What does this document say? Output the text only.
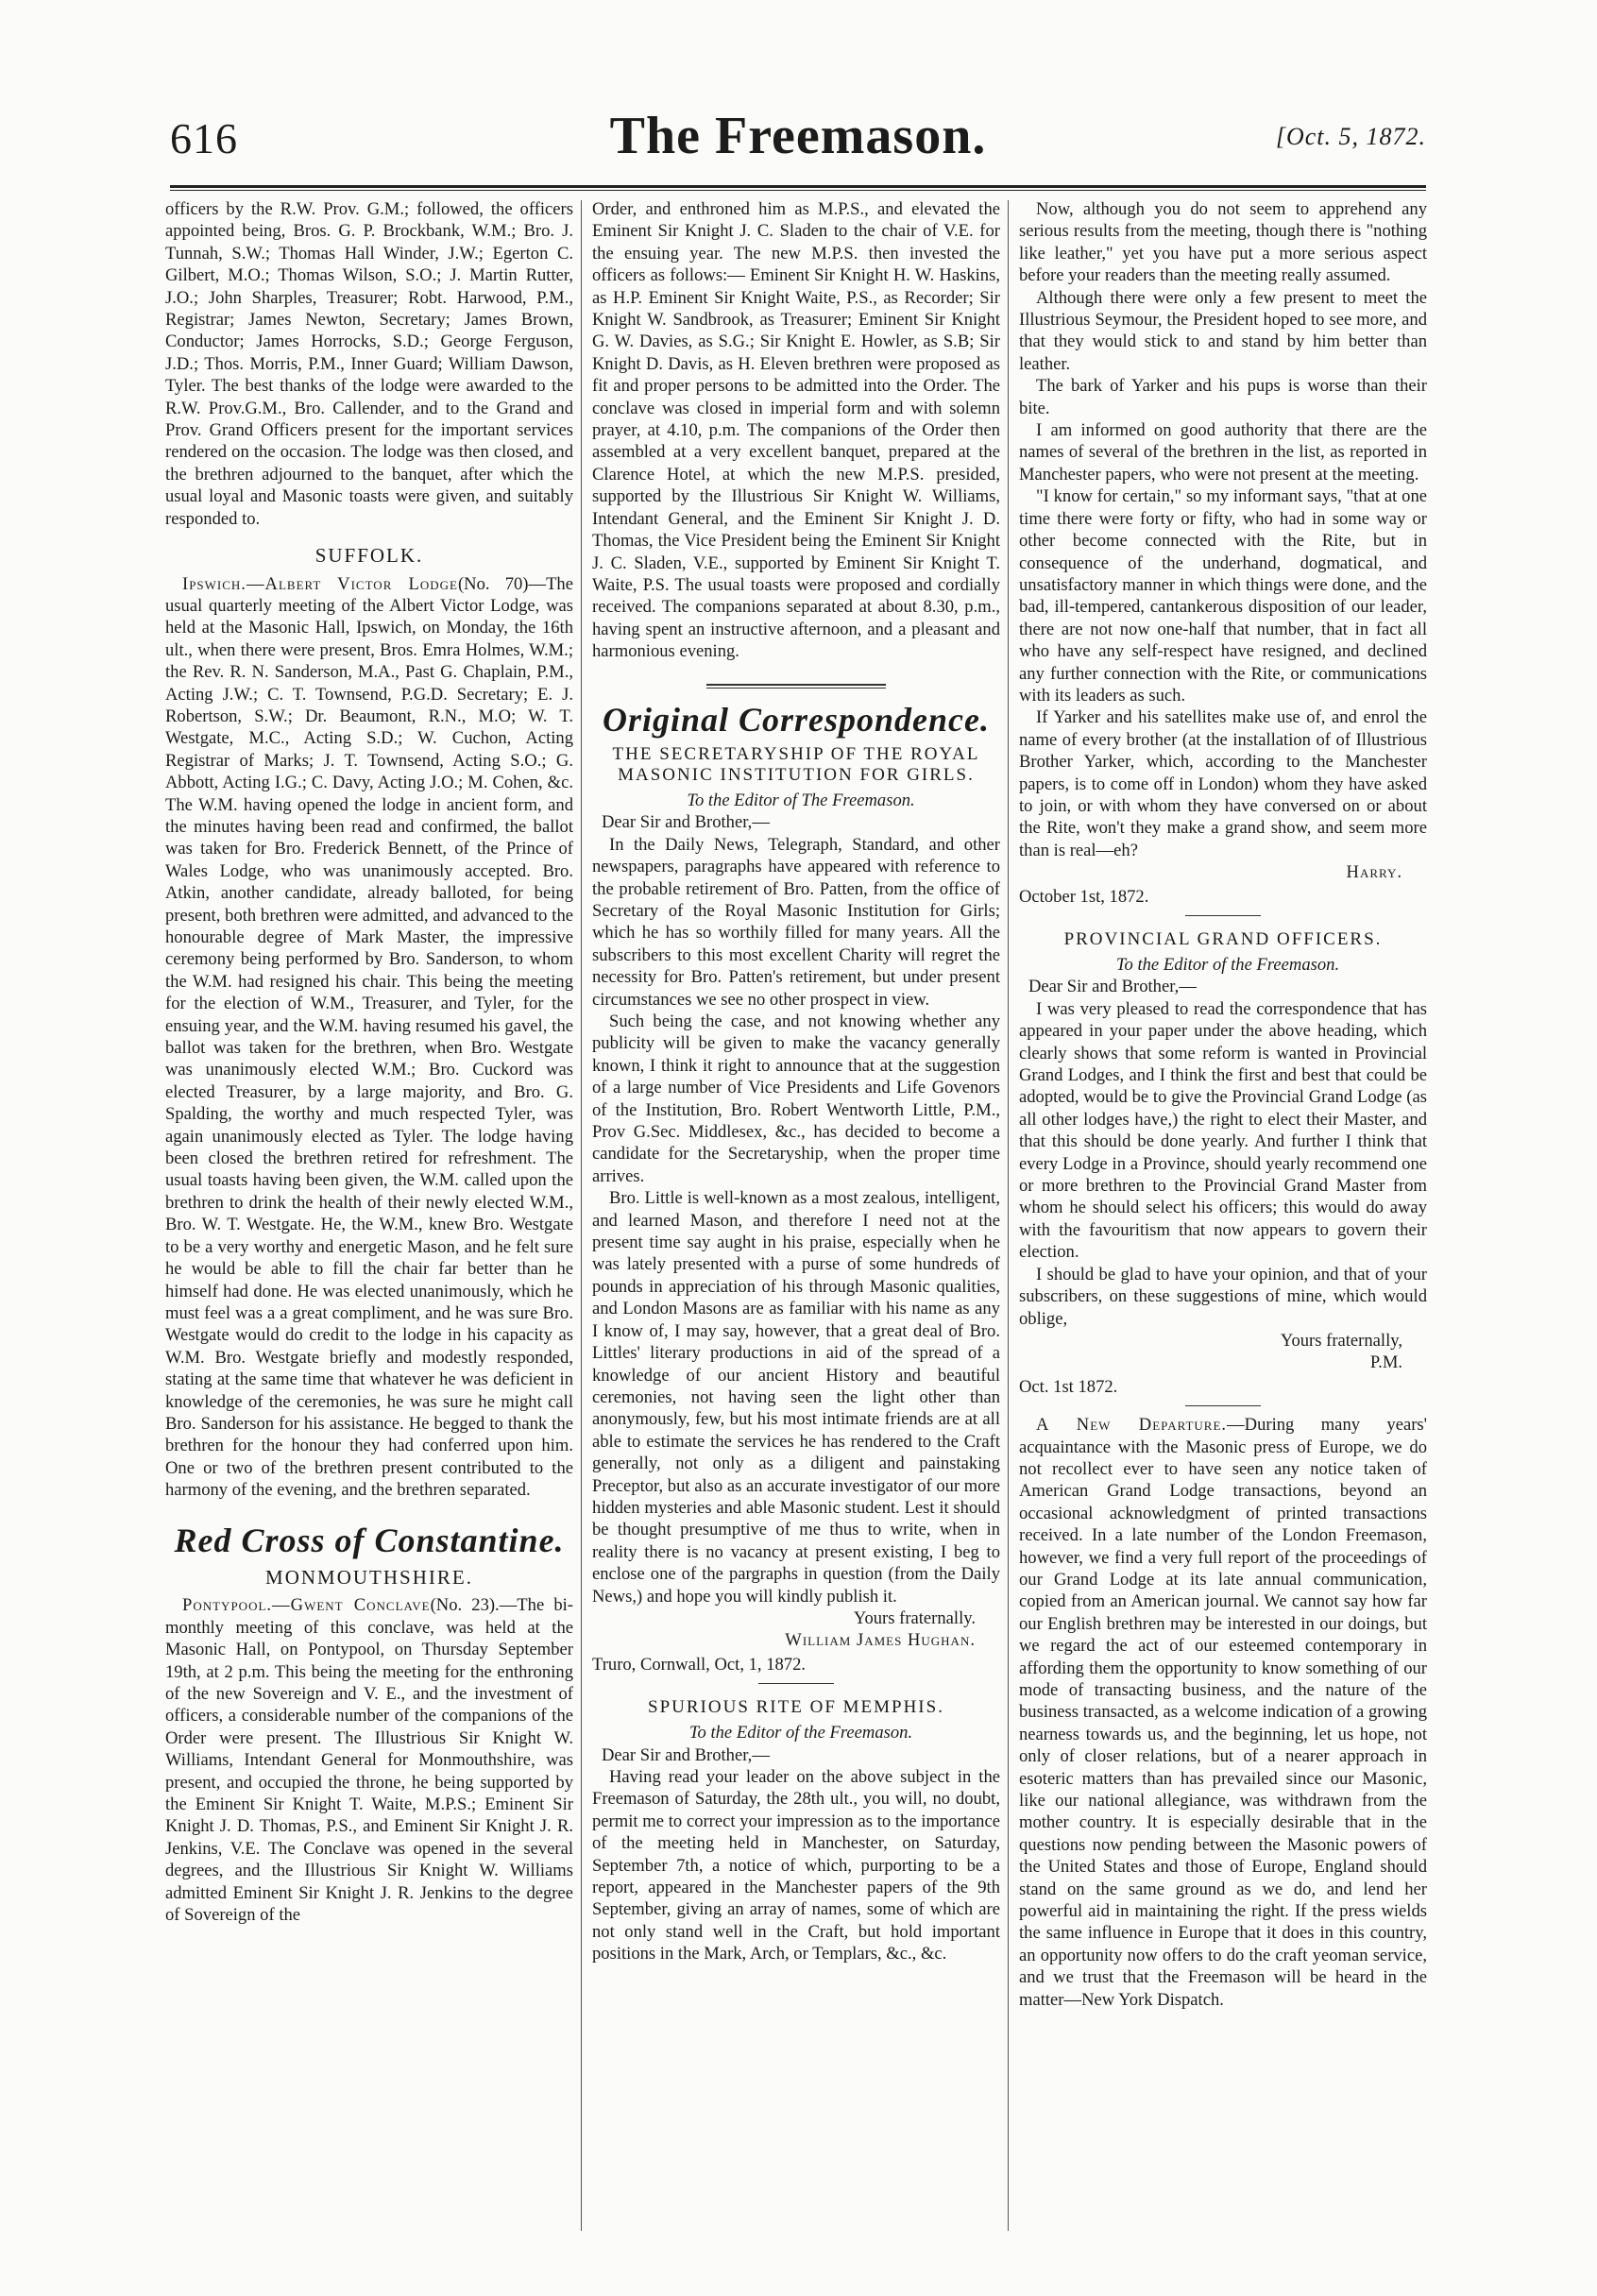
616	The Freemason.	[Oct. 5, 1872.

officers by the R.W. Prov. G.M.; followed, the officers appointed being, Bros. G. P. Brockbank, W.M.; Bro. J. Tunnah, S.W.; Thomas Hall Winder, J.W.; Egerton C. Gilbert, M.O.; Thomas Wilson, S.O.; J. Martin Rutter, J.O.; John Sharples, Treasurer; Robt. Harwood, P.M., Registrar; James Newton, Secretary; James Brown, Conductor; James Horrocks, S.D.; George Ferguson, J.D.; Thos. Morris, P.M., Inner Guard; William Dawson, Tyler. The best thanks of the lodge were awarded to the R.W. Prov.G.M., Bro. Callender, and to the Grand and Prov. Grand Officers present for the important services rendered on the occasion. The lodge was then closed, and the brethren adjourned to the banquet, after which the usual loyal and Masonic toasts were given, and suitably responded to.

SUFFOLK.

Ipswich.—Albert Victor Lodge(No. 70)—The usual quarterly meeting of the Albert Victor Lodge, was held at the Masonic Hall, Ipswich, on Monday, the 16th ult., when there were present, Bros. Emra Holmes, W.M.; the Rev. R. N. Sanderson, M.A., Past G. Chaplain, P.M., Acting J.W.; C. T. Townsend, P.G.D. Secretary; E. J. Robertson, S.W.; Dr. Beaumont, R.N., M.O; W. T. Westgate, M.C., Acting S.D.; W. Cuchon, Acting Registrar of Marks; J. T. Townsend, Acting S.O.; G. Abbott, Acting I.G.; C. Davy, Acting J.O.; M. Cohen, &c. The W.M. having opened the lodge in ancient form, and the minutes having been read and confirmed, the ballot was taken for Bro. Frederick Bennett, of the Prince of Wales Lodge, who was unanimously accepted. Bro. Atkin, another candidate, already balloted, for being present, both brethren were admitted, and advanced to the honourable degree of Mark Master, the impressive ceremony being performed by Bro. Sanderson, to whom the W.M. had resigned his chair. This being the meeting for the election of W.M., Treasurer, and Tyler, for the ensuing year, and the W.M. having resumed his gavel, the ballot was taken for the brethren, when Bro. Westgate was unanimously elected W.M.; Bro. Cuckord was elected Treasurer, by a large majority, and Bro. G. Spalding, the worthy and much respected Tyler, was again unanimously elected as Tyler. The lodge having been closed the brethren retired for refreshment. The usual toasts having been given, the W.M. called upon the brethren to drink the health of their newly elected W.M., Bro. W. T. Westgate. He, the W.M., knew Bro. Westgate to be a very worthy and energetic Mason, and he felt sure he would be able to fill the chair far better than he himself had done. He was elected unanimously, which he must feel was a a great compliment, and he was sure Bro. Westgate would do credit to the lodge in his capacity as W.M. Bro. Westgate briefly and modestly responded, stating at the same time that whatever he was deficient in knowledge of the ceremonies, he was sure he might call Bro. Sanderson for his assistance. He begged to thank the brethren for the honour they had conferred upon him. One or two of the brethren present contributed to the harmony of the evening, and the brethren separated.

Red Cross of Constantine.
MONMOUTHSHIRE.

Pontypool.—Gwent Conclave(No. 23).—The bi-monthly meeting of this conclave, was held at the Masonic Hall, on Pontypool, on Thursday September 19th, at 2 p.m. This being the meeting for the enthroning of the new Sovereign and V. E., and the investment of officers, a considerable number of the companions of the Order were present. The Illustrious Sir Knight W. Williams, Intendant General for Monmouthshire, was present, and occupied the throne, he being supported by the Eminent Sir Knight T. Waite, M.P.S.; Eminent Sir Knight J. D. Thomas, P.S., and Eminent Sir Knight J. R. Jenkins, V.E. The Conclave was opened in the several degrees, and the Illustrious Sir Knight W. Williams admitted Eminent Sir Knight J. R. Jenkins to the degree of Sovereign of the

Order, and enthroned him as M.P.S., and elevated the Eminent Sir Knight J. C. Sladen to the chair of V.E. for the ensuing year. The new M.P.S. then invested the officers as follows:— Eminent Sir Knight H. W. Haskins, as H.P. Eminent Sir Knight Waite, P.S., as Recorder; Sir Knight W. Sandbrook, as Treasurer; Eminent Sir Knight G. W. Davies, as S.G.; Sir Knight E. Howler, as S.B; Sir Knight D. Davis, as H. Eleven brethren were proposed as fit and proper persons to be admitted into the Order. The conclave was closed in imperial form and with solemn prayer, at 4.10, p.m. The companions of the Order then assembled at a very excellent banquet, prepared at the Clarence Hotel, at which the new M.P.S. presided, supported by the Illustrious Sir Knight W. Williams, Intendant General, and the Eminent Sir Knight J. D. Thomas, the Vice President being the Eminent Sir Knight J. C. Sladen, V.E., supported by Eminent Sir Knight T. Waite, P.S. The usual toasts were proposed and cordially received. The companions separated at about 8.30, p.m., having spent an instructive afternoon, and a pleasant and harmonious evening.

Original Correspondence.
THE SECRETARYSHIP OF THE ROYAL MASONIC INSTITUTION FOR GIRLS.

To the Editor of The Freemason.

Dear Sir and Brother,—

In the Daily News, Telegraph, Standard, and other newspapers, paragraphs have appeared with reference to the probable retirement of Bro. Patten, from the office of Secretary of the Royal Masonic Institution for Girls; which he has so worthily filled for many years. All the subscribers to this most excellent Charity will regret the necessity for Bro. Patten's retirement, but under present circumstances we see no other prospect in view.

Such being the case, and not knowing whether any publicity will be given to make the vacancy generally known, I think it right to announce that at the suggestion of a large number of Vice Presidents and Life Govenors of the Institution, Bro. Robert Wentworth Little, P.M., Prov G.Sec. Middlesex, &c., has decided to become a candidate for the Secretaryship, when the proper time arrives.

Bro. Little is well-known as a most zealous, intelligent, and learned Mason, and therefore I need not at the present time say aught in his praise, especially when he was lately presented with a purse of some hundreds of pounds in appreciation of his through Masonic qualities, and London Masons are as familiar with his name as any I know of, I may say, however, that a great deal of Bro. Littles' literary productions in aid of the spread of a knowledge of our ancient History and beautiful ceremonies, not having seen the light other than anonymously, few, but his most intimate friends are at all able to estimate the services he has rendered to the Craft generally, not only as a diligent and painstaking Preceptor, but also as an accurate investigator of our more hidden mysteries and able Masonic student. Lest it should be thought presumptive of me thus to write, when in reality there is no vacancy at present existing, I beg to enclose one of the pargraphs in question (from the Daily News,) and hope you will kindly publish it.

Yours fraternally.

William James Hughan.

Truro, Cornwall, Oct, 1, 1872.

SPURIOUS RITE OF MEMPHIS.

To the Editor of the Freemason.

Dear Sir and Brother,—

Having read your leader on the above subject in the Freemason of Saturday, the 28th ult., you will, no doubt, permit me to correct your impression as to the importance of the meeting held in Manchester, on Saturday, September 7th, a notice of which, purporting to be a report, appeared in the Manchester papers of the 9th September, giving an array of names, some of which are not only stand well in the Craft, but hold important positions in the Mark, Arch, or Templars, &c., &c.

Now, although you do not seem to apprehend any serious results from the meeting, though there is "nothing like leather," yet you have put a more serious aspect before your readers than the meeting really assumed.

Although there were only a few present to meet the Illustrious Seymour, the President hoped to see more, and that they would stick to and stand by him better than leather.

The bark of Yarker and his pups is worse than their bite.

I am informed on good authority that there are the names of several of the brethren in the list, as reported in Manchester papers, who were not present at the meeting.

"I know for certain," so my informant says, "that at one time there were forty or fifty, who had in some way or other become connected with the Rite, but in consequence of the underhand, dogmatical, and unsatisfactory manner in which things were done, and the bad, ill-tempered, cantankerous disposition of our leader, there are not now one-half that number, that in fact all who have any self-respect have resigned, and declined any further connection with the Rite, or communications with its leaders as such.

If Yarker and his satellites make use of, and enrol the name of every brother (at the installation of of Illustrious Brother Yarker, which, according to the Manchester papers, is to come off in London) whom they have asked to join, or with whom they have conversed on or about the Rite, won't they make a grand show, and seem more than is real—eh?

Harry.

October 1st, 1872.

PROVINCIAL GRAND OFFICERS.

To the Editor of the Freemason.

Dear Sir and Brother,—

I was very pleased to read the correspondence that has appeared in your paper under the above heading, which clearly shows that some reform is wanted in Provincial Grand Lodges, and I think the first and best that could be adopted, would be to give the Provincial Grand Lodge (as all other lodges have,) the right to elect their Master, and that this should be done yearly. And further I think that every Lodge in a Province, should yearly recommend one or more brethren to the Provincial Grand Master from whom he should select his officers; this would do away with the favouritism that now appears to govern their election.

I should be glad to have your opinion, and that of your subscribers, on these suggestions of mine, which would oblige,

Yours fraternally,

P.M.

Oct. 1st 1872.

A New Departure.—During many years' acquaintance with the Masonic press of Europe, we do not recollect ever to have seen any notice taken of American Grand Lodge transactions, beyond an occasional acknowledgment of printed transactions received. In a late number of the London Freemason, however, we find a very full report of the proceedings of our Grand Lodge at its late annual communication, copied from an American journal. We cannot say how far our English brethren may be interested in our doings, but we regard the act of our esteemed contemporary in affording them the opportunity to know something of our mode of transacting business, and the nature of the business transacted, as a welcome indication of a growing nearness towards us, and the beginning, let us hope, not only of closer relations, but of a nearer approach in esoteric matters than has prevailed since our Masonic, like our national allegiance, was withdrawn from the mother country. It is especially desirable that in the questions now pending between the Masonic powers of the United States and those of Europe, England should stand on the same ground as we do, and lend her powerful aid in maintaining the right. If the press wields the same influence in Europe that it does in this country, an opportunity now offers to do the craft yeoman service, and we trust that the Freemason will be heard in the matter—New York Dispatch.
